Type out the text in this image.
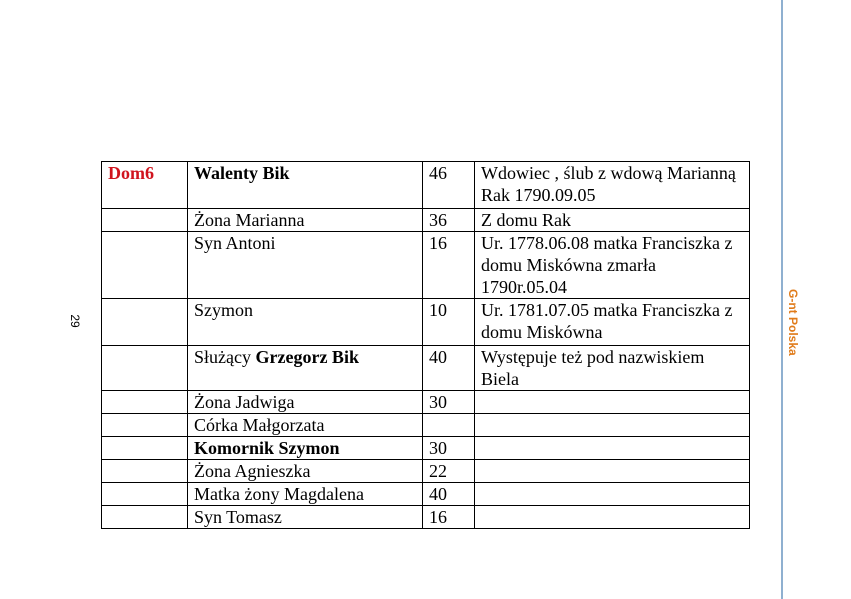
G-nt Polska
29
Dom6	Walenty Bik	46	Wdowiec , ślub z wdową Marianną Rak 1790.09.05
	Żona Marianna	36	Z domu Rak
	Syn Antoni	16	Ur. 1778.06.08 matka Franciszka z domu Miskówna zmarła 1790r.05.04
	Szymon	10	Ur. 1781.07.05 matka Franciszka z domu Miskówna
	Służący Grzegorz Bik	40	Występuje też pod nazwiskiem Biela
	Żona Jadwiga	30	
	Córka Małgorzata		
	Komornik Szymon	30	
	Żona Agnieszka	22	
	Matka żony Magdalena	40	
	Syn Tomasz	16	
